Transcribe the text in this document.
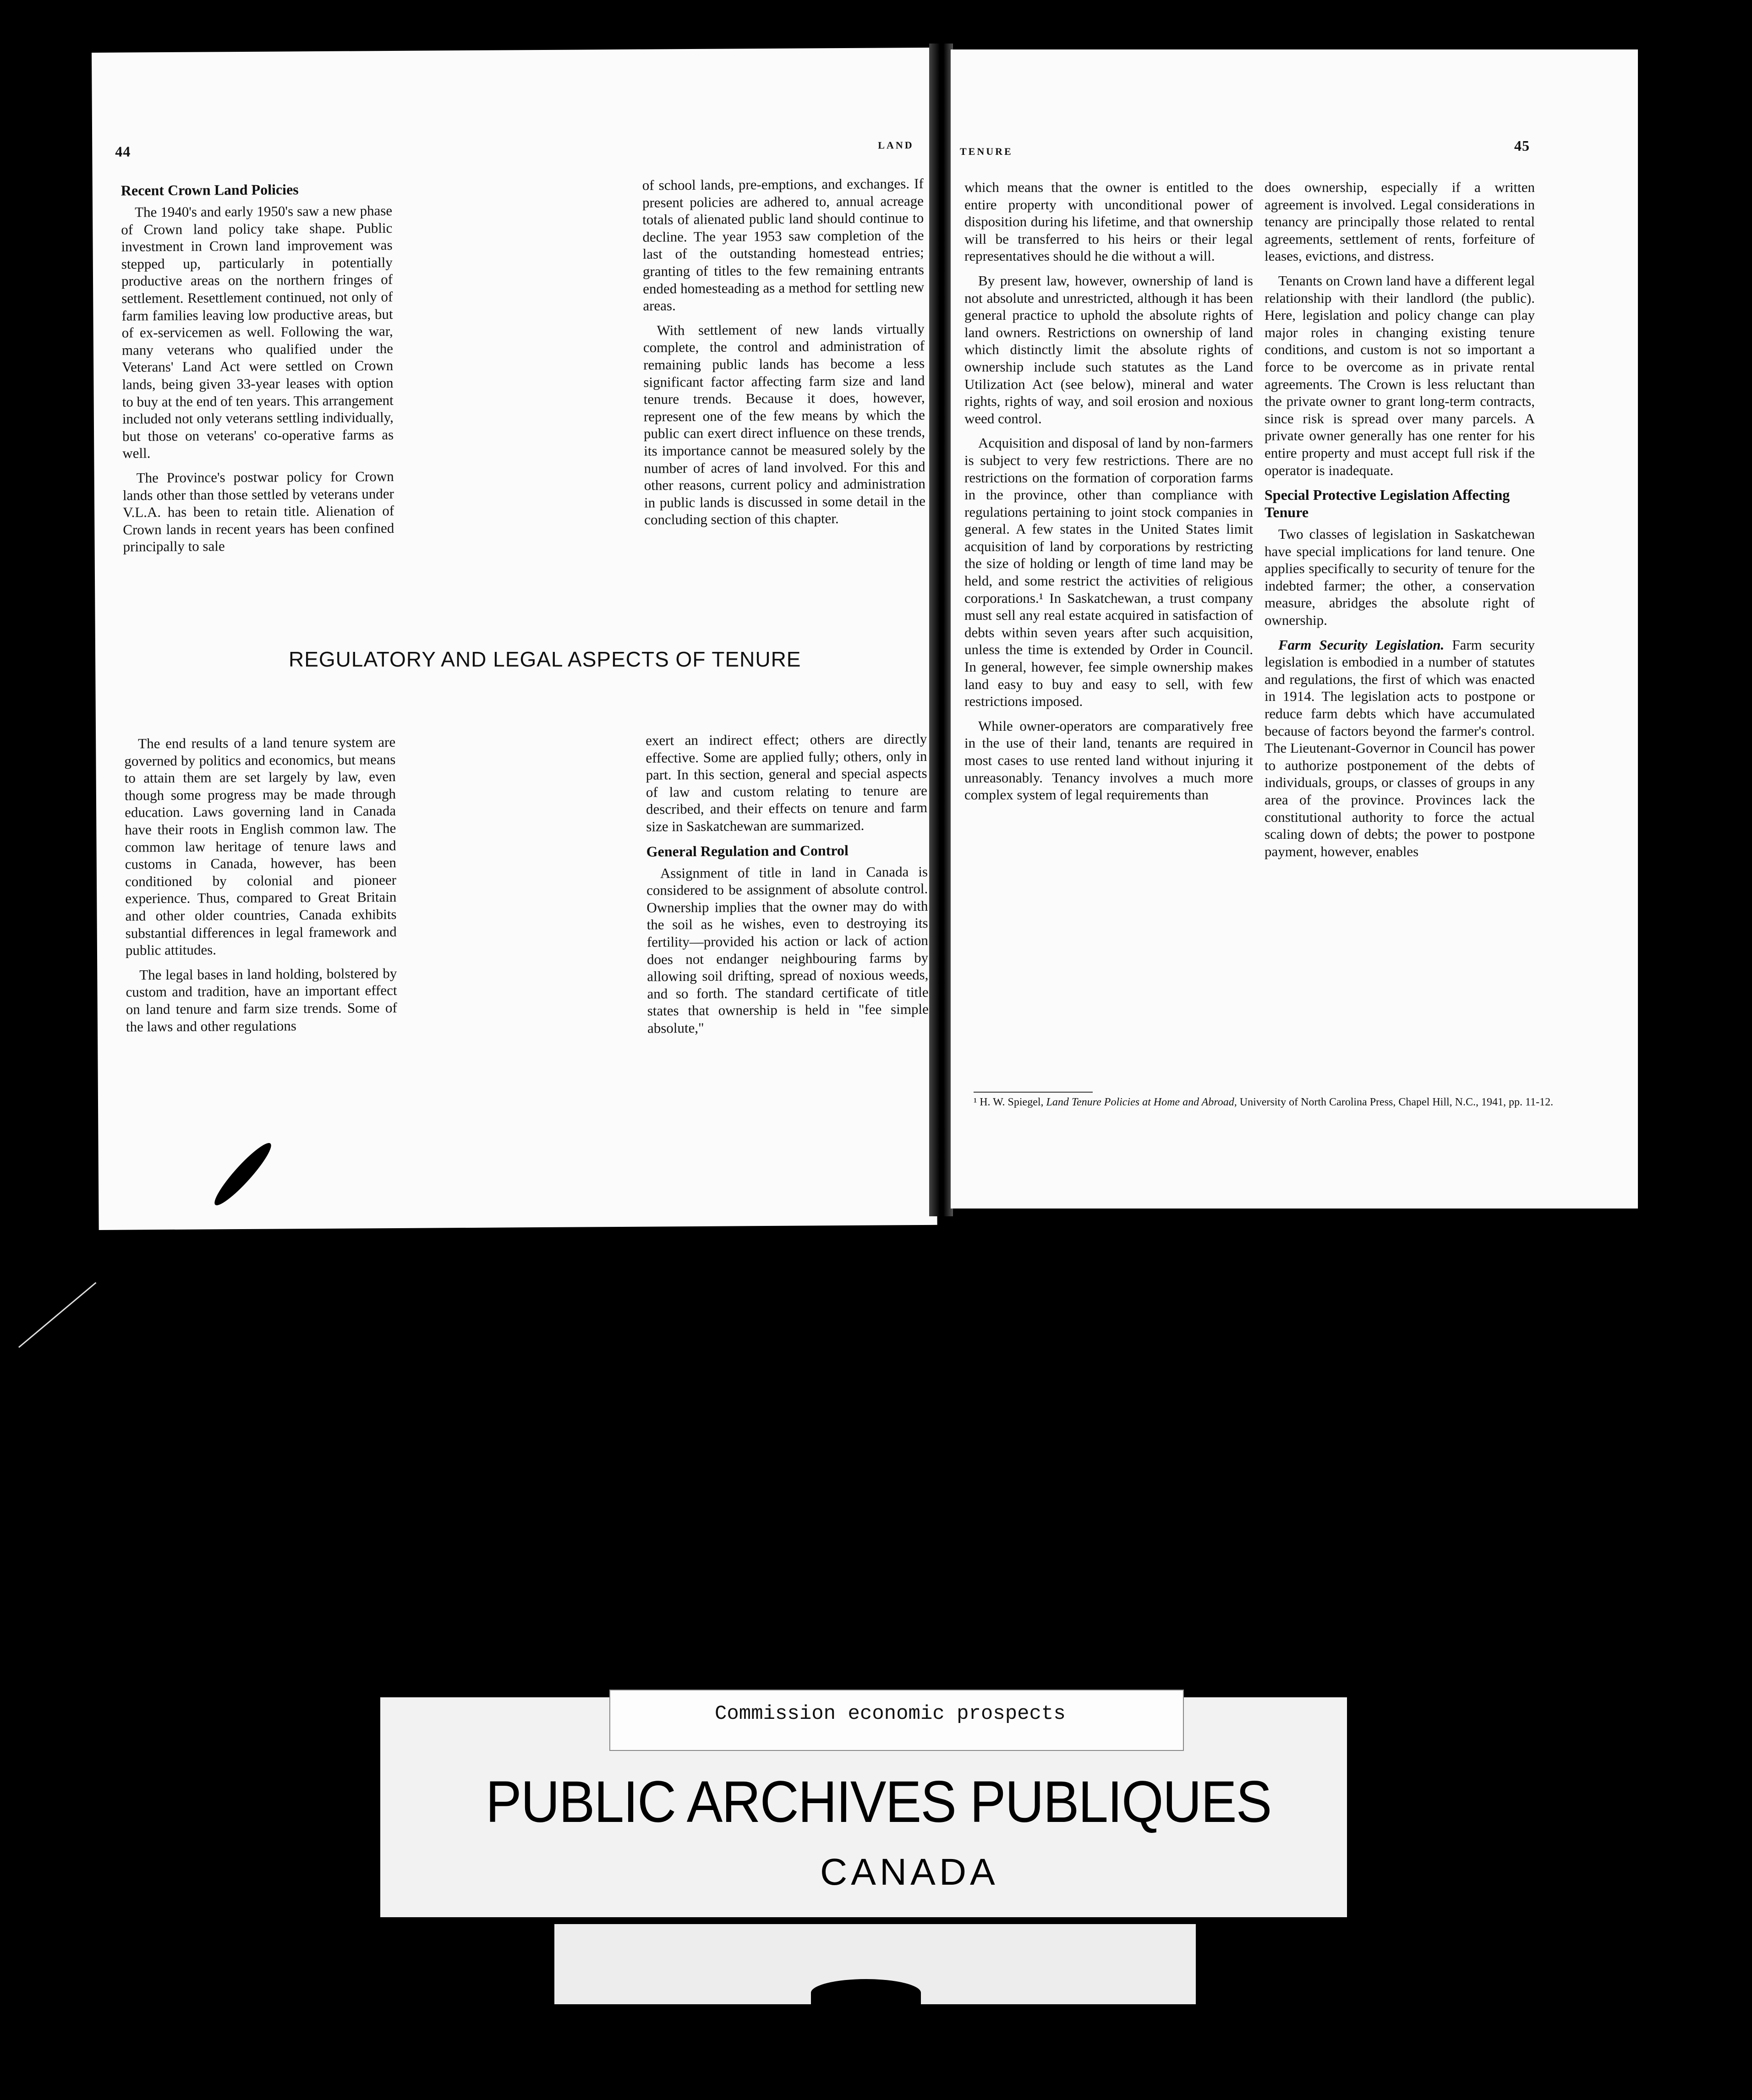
44	LAND
Recent Crown Land Policies

The 1940's and early 1950's saw a new phase of Crown land policy take shape. Public investment in Crown land improvement was stepped up, particularly in potentially productive areas on the northern fringes of settlement. Resettlement continued, not only of farm families leaving low productive areas, but of ex-servicemen as well. Following the war, many veterans who qualified under the Veterans' Land Act were settled on Crown lands, being given 33-year leases with option to buy at the end of ten years. This arrangement included not only veterans settling individually, but those on veterans' co-operative farms as well.

The Province's postwar policy for Crown lands other than those settled by veterans under V.L.A. has been to retain title. Alienation of Crown lands in recent years has been confined principally to sale

of school lands, pre-emptions, and exchanges. If present policies are adhered to, annual acreage totals of alienated public land should continue to decline. The year 1953 saw completion of the last of the outstanding homestead entries; granting of titles to the few remaining entrants ended homesteading as a method for settling new areas.

With settlement of new lands virtually complete, the control and administration of remaining public lands has become a less significant factor affecting farm size and land tenure trends. Because it does, however, represent one of the few means by which the public can exert direct influence on these trends, its importance cannot be measured solely by the number of acres of land involved. For this and other reasons, current policy and administration in public lands is discussed in some detail in the concluding section of this chapter.

The end results of a land tenure system are governed by politics and economics, but means to attain them are set largely by law, even though some progress may be made through education. Laws governing land in Canada have their roots in English common law. The common law heritage of tenure laws and customs in Canada, however, has been conditioned by colonial and pioneer experience. Thus, compared to Great Britain and other older countries, Canada exhibits substantial differences in legal framework and public attitudes.

The legal bases in land holding, bolstered by custom and tradition, have an important effect on land tenure and farm size trends. Some of the laws and other regulations

exert an indirect effect; others are directly effective. Some are applied fully; others, only in part. In this section, general and special aspects of law and custom relating to tenure are described, and their effects on tenure and farm size in Saskatchewan are summarized.

General Regulation and Control

Assignment of title in land in Canada is considered to be assignment of absolute control. Ownership implies that the owner may do with the soil as he wishes, even to destroying its fertility—provided his action or lack of action does not endanger neighbouring farms by allowing soil drifting, spread of noxious weeds, and so forth. The standard certificate of title states that ownership is held in "fee simple absolute,"

REGULATORY AND LEGAL ASPECTS OF TENURE
TENURE	45

which means that the owner is entitled to the entire property with unconditional power of disposition during his lifetime, and that ownership will be transferred to his heirs or their legal representatives should he die without a will.

By present law, however, ownership of land is not absolute and unrestricted, although it has been general practice to uphold the absolute rights of land owners. Restrictions on ownership of land which distinctly limit the absolute rights of ownership include such statutes as the Land Utilization Act (see below), mineral and water rights, rights of way, and soil erosion and noxious weed control.

Acquisition and disposal of land by non-farmers is subject to very few restrictions. There are no restrictions on the formation of corporation farms in the province, other than compliance with regulations pertaining to joint stock companies in general. A few states in the United States limit acquisition of land by corporations by restricting the size of holding or length of time land may be held, and some restrict the activities of religious corporations.¹ In Saskatchewan, a trust company must sell any real estate acquired in satisfaction of debts within seven years after such acquisition, unless the time is extended by Order in Council. In general, however, fee simple ownership makes land easy to buy and easy to sell, with few restrictions imposed.

While owner-operators are comparatively free in the use of their land, tenants are required in most cases to use rented land without injuring it unreasonably. Tenancy involves a much more complex system of legal requirements than

does ownership, especially if a written agreement is involved. Legal considerations in tenancy are principally those related to rental agreements, settlement of rents, forfeiture of leases, evictions, and distress.

Tenants on Crown land have a different legal relationship with their landlord (the public). Here, legislation and policy change can play major roles in changing existing tenure conditions, and custom is not so important a force to be overcome as in private rental agreements. The Crown is less reluctant than the private owner to grant long-term contracts, since risk is spread over many parcels. A private owner generally has one renter for his entire property and must accept full risk if the operator is inadequate.

Special Protective Legislation Affecting Tenure

Two classes of legislation in Saskatchewan have special implications for land tenure. One applies specifically to security of tenure for the indebted farmer; the other, a conservation measure, abridges the absolute right of ownership.

Farm Security Legislation. Farm security legislation is embodied in a number of statutes and regulations, the first of which was enacted in 1914. The legislation acts to postpone or reduce farm debts which have accumulated because of factors beyond the farmer's control. The Lieutenant-Governor in Council has power to authorize postponement of the debts of individuals, groups, or classes of groups in any area of the province. Provinces lack the constitutional authority to force the actual scaling down of debts; the power to postpone payment, however, enables

¹ H. W. Spiegel, Land Tenure Policies at Home and Abroad, University of North Carolina Press, Chapel Hill, N.C., 1941, pp. 11-12.
Commission economic prospects
PUBLIC ARCHIVES PUBLIQUES
CANADA
